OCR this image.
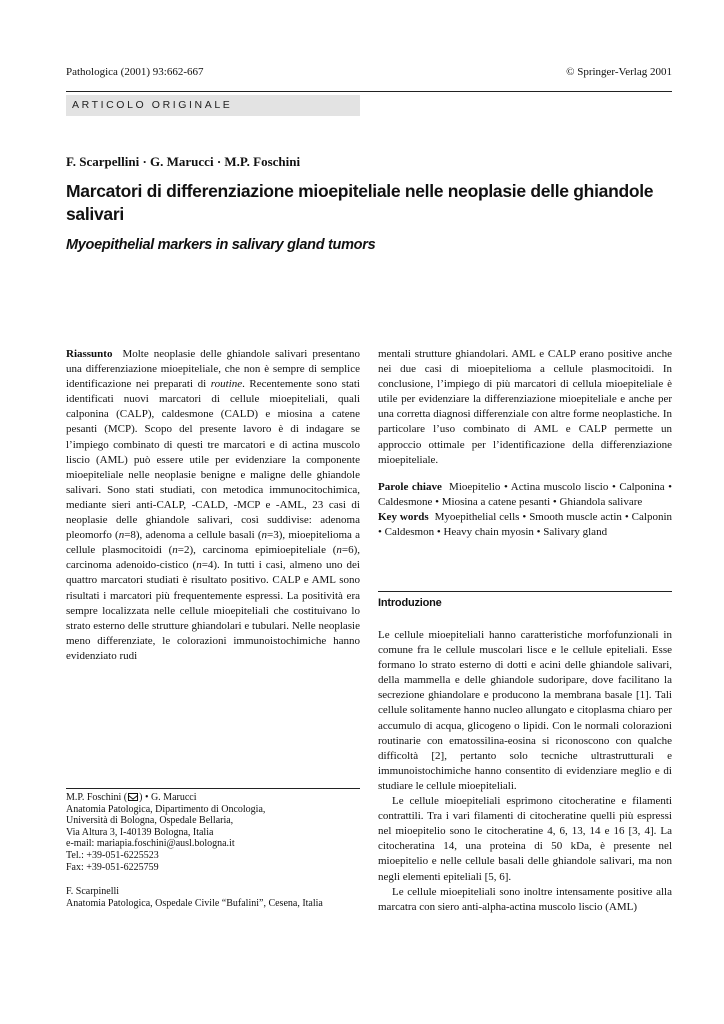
Pathologica (2001) 93:662-667	© Springer-Verlag 2001
ARTICOLO ORIGINALE
F. Scarpellini · G. Marucci · M.P. Foschini
Marcatori di differenziazione mioepiteliale nelle neoplasie delle ghiandole salivari
Myoepithelial markers in salivary gland tumors

Riassunto Molte neoplasie delle ghiandole salivari presentano una differenziazione mioepiteliale, che non è sempre di semplice identificazione nei preparati di routine. Recentemente sono stati identificati nuovi marcatori di cellule mioepiteliali, quali calponina (CALP), caldesmone (CALD) e miosina a catene pesanti (MCP). Scopo del presente lavoro è di indagare se l’impiego combinato di questi tre marcatori e di actina muscolo liscio (AML) può essere utile per evidenziare la componente mioepiteliale nelle neoplasie benigne e maligne delle ghiandole salivari. Sono stati studiati, con metodica immunocitochimica, mediante sieri anti-CALP, -CALD, -MCP e -AML, 23 casi di neoplasie delle ghiandole salivari, così suddivise: adenoma pleomorfo (n=8), adenoma a cellule basali (n=3), mioepitelioma a cellule plasmocitoidi (n=2), carcinoma epimioepiteliale (n=6), carcinoma adenoido-cistico (n=4). In tutti i casi, almeno uno dei quattro marcatori studiati è risultato positivo. CALP e AML sono risultati i marcatori più frequentemente espressi. La positività era sempre localizzata nelle cellule mioepiteliali che costituivano lo strato esterno delle strutture ghiandolari e tubulari. Nelle neoplasie meno differenziate, le colorazioni immunoistochimiche hanno evidenziato rudi

mentali strutture ghiandolari. AML e CALP erano positive anche nei due casi di mioepitelioma a cellule plasmocitoidi. In conclusione, l’impiego di più marcatori di cellula mioepiteliale è utile per evidenziare la differenziazione mioepiteliale e anche per una corretta diagnosi differenziale con altre forme neoplastiche. In particolare l’uso combinato di AML e CALP permette un approccio ottimale per l’identificazione della differenziazione mioepiteliale.

Parole chiave Mioepitelio • Actina muscolo liscio • Calponina • Caldesmone • Miosina a catene pesanti • Ghiandola salivare

Key words Myoepithelial cells • Smooth muscle actin • Calponin • Caldesmon • Heavy chain myosin • Salivary gland

Introduzione

Le cellule mioepiteliali hanno caratteristiche morfofunzionali in comune fra le cellule muscolari lisce e le cellule epiteliali. Esse formano lo strato esterno di dotti e acini delle ghiandole salivari, della mammella e delle ghiandole sudoripare, dove facilitano la secrezione ghiandolare e producono la membrana basale [1]. Tali cellule solitamente hanno nucleo allungato e citoplasma chiaro per accumulo di acqua, glicogeno o lipidi. Con le normali colorazioni routinarie con ematossilina-eosina si riconoscono con qualche difficoltà [2], pertanto solo tecniche ultrastrutturali e immunoistochimiche hanno consentito di evidenziare meglio e di studiare le cellule mioepiteliali.

Le cellule mioepiteliali esprimono citocheratine e filamenti contrattili. Tra i vari filamenti di citocheratine quelli più espressi nel mioepitelio sono le citocheratine 4, 6, 13, 14 e 16 [3, 4]. La citocheratina 14, una proteina di 50 kDa, è presente nel mioepitelio e nelle cellule basali delle ghiandole salivari, ma non negli elementi epiteliali [5, 6].

Le cellule mioepiteliali sono inoltre intensamente positive alla marcatra con siero anti-alpha-actina muscolo liscio (AML)

M.P. Foschini ( ) • G. Marucci
Anatomia Patologica, Dipartimento di Oncologia,
Università di Bologna, Ospedale Bellaria,
Via Altura 3, I-40139 Bologna, Italia
e-mail: mariapia.foschini@ausl.bologna.it
Tel.: +39-051-6225523
Fax: +39-051-6225759
F. Scarpinelli
Anatomia Patologica, Ospedale Civile “Bufalini”, Cesena, Italia
